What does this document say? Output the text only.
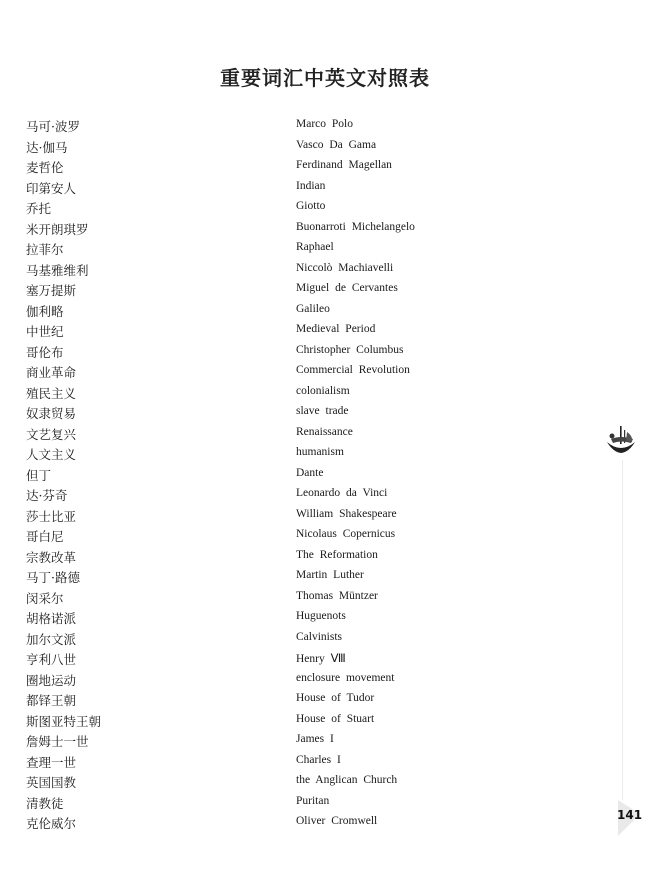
重要词汇中英文对照表
马可·波罗	Marco Polo
达·伽马	Vasco Da Gama
麦哲伦	Ferdinand Magellan
印第安人	Indian
乔托	Giotto
米开朗琪罗	Buonarroti Michelangelo
拉菲尔	Raphael
马基雅维利	Niccolò Machiavelli
塞万提斯	Miguel de Cervantes
伽利略	Galileo
中世纪	Medieval Period
哥伦布	Christopher Columbus
商业革命	Commercial Revolution
殖民主义	colonialism
奴隶贸易	slave trade
文艺复兴	Renaissance
人文主义	humanism
但丁	Dante
达·芬奇	Leonardo da Vinci
莎士比亚	William Shakespeare
哥白尼	Nicolaus Copernicus
宗教改革	The Reformation
马丁·路德	Martin Luther
闵采尔	Thomas Müntzer
胡格诺派	Huguenots
加尔文派	Calvinists
亨利八世	Henry Ⅷ
圈地运动	enclosure movement
都铎王朝	House of Tudor
斯图亚特王朝	House of Stuart
詹姆士一世	James I
查理一世	Charles I
英国国教	the Anglican Church
清教徒	Puritan
克伦威尔	Oliver Cromwell	141
